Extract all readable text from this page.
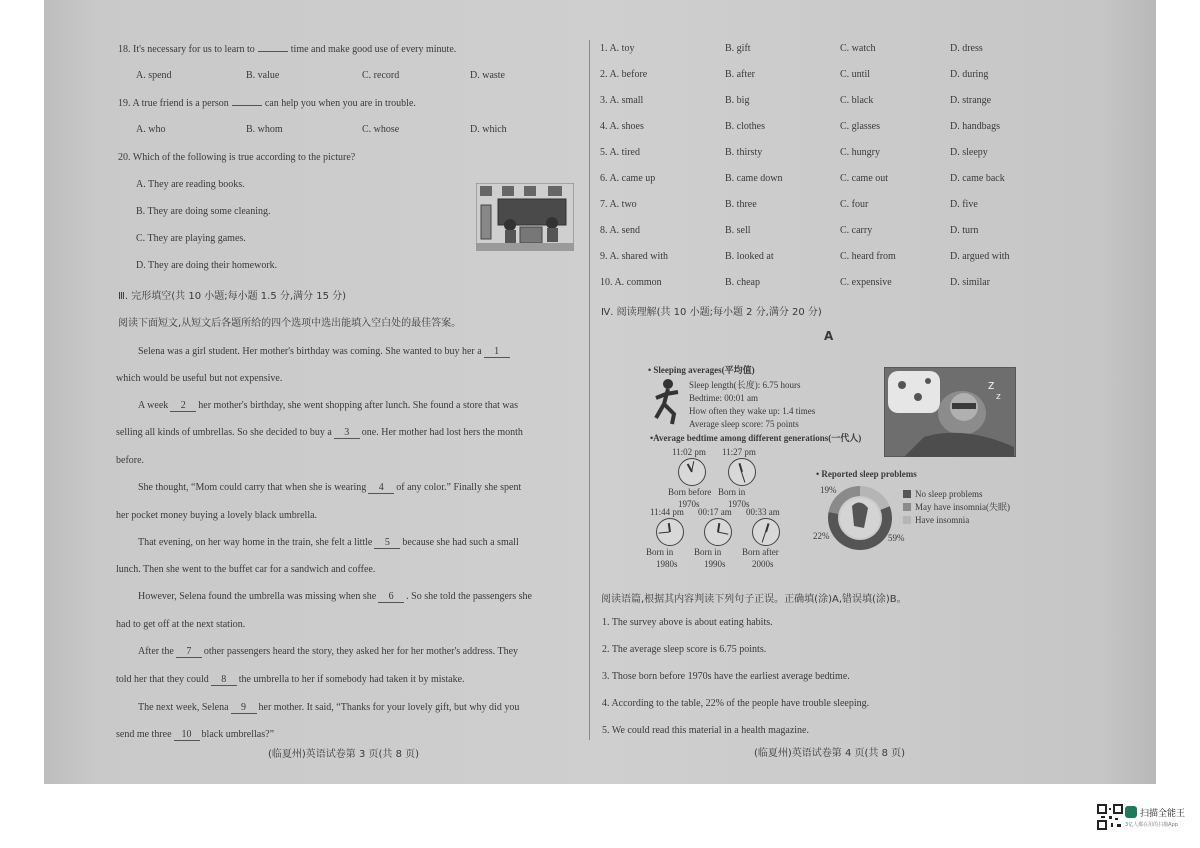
18. It's necessary for us to learn to	time and make good use of every minute.
A. spend	B. value	C. record	D. waste
19. A true friend is a person	can help you when you are in trouble.
A. who	B. whom	C. whose	D. which
20. Which of the following is true according to the picture?
A. They are reading books.
B. They are doing some cleaning.
C. They are playing games.
D. They are doing their homework.
Ⅲ. 完形填空(共 10 小题;每小题 1.5 分,满分 15 分)
阅读下面短文,从短文后各题所给的四个选项中选出能填入空白处的最佳答案。
Selena was a girl student. Her mother's birthday was coming. She wanted to buy her a 1
which would be useful but not expensive.
A week 2 her mother's birthday, she went shopping after lunch. She found a store that was
selling all kinds of umbrellas. So she decided to buy a 3 one. Her mother had lost hers the month
before.
She thought, “Mom could carry that when she is wearing 4 of any color.” Finally she spent
her pocket money buying a lovely black umbrella.
That evening, on her way home in the train, she felt a little 5 because she had such a small
lunch. Then she went to the buffet car for a sandwich and coffee.
However, Selena found the umbrella was missing when she 6 . So she told the passengers she
had to get off at the next station.
After the 7 other passengers heard the story, they asked her for her mother's address. They
told her that they could 8 the umbrella to her if somebody had taken it by mistake.
The next week, Selena 9 her mother. It said, “Thanks for your lovely gift, but why did you
send me three 10 black umbrellas?”
(临夏州)英语试卷第 3 页(共 8 页)
1. A. toy	B. gift	C. watch	D. dress
2. A. before	B. after	C. until	D. during
3. A. small	B. big	C. black	D. strange
4. A. shoes	B. clothes	C. glasses	D. handbags
5. A. tired	B. thirsty	C. hungry	D. sleepy
6. A. came up	B. came down	C. came out	D. came back
7. A. two	B. three	C. four	D. five
8. A. send	B. sell	C. carry	D. turn
9. A. shared with	B. looked at	C. heard from	D. argued with
10. A. common	B. cheap	C. expensive	D. similar
Ⅳ. 阅读理解(共 10 小题;每小题 2 分,满分 20 分)
A
• Sleeping averages(平均值)
Sleep length(长度): 6.75 hours
Bedtime: 00:01 am
How often they wake up: 1.4 times
Average sleep score: 75 points
z
z
•Average bedtime among different generations(一代人)
11:02 pm
Born before
1970s
11:27 pm
Born in
1970s
11:44 pm
Born in
1980s
00:17 am
Born in
1990s
00:33 am
Born after
2000s
• Reported sleep problems
19%
22%	59%
No sleep problems
May have insomnia(失眠)
Have insomnia
阅读语篇,根据其内容判读下列句子正误。正确填(涂)A,错误填(涂)B。
1. The survey above is about eating habits.
2. The average sleep score is 6.75 points.
3. Those born before 1970s have the earliest average bedtime.
4. According to the table, 22% of the people have trouble sleeping.
5. We could read this material in a health magazine.
(临夏州)英语试卷第 4 页(共 8 页)
扫描全能王
3亿人都在用的扫描App
